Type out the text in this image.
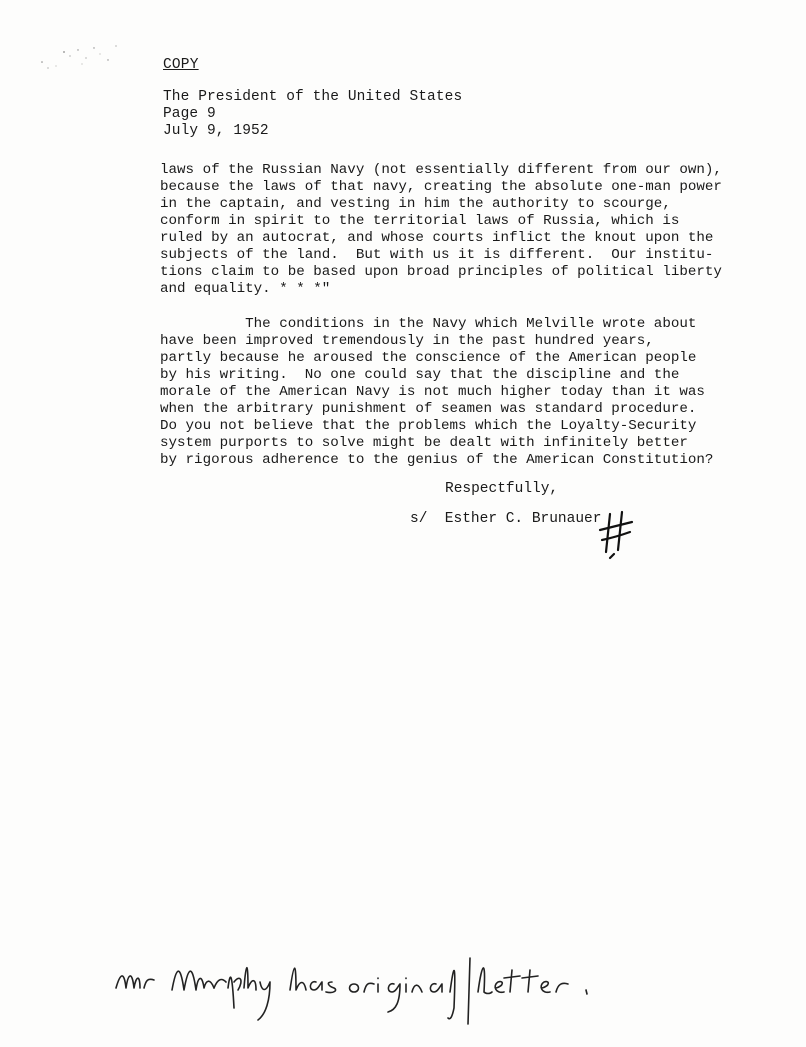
COPY
The President of the United States
Page 9
July 9, 1952
laws of the Russian Navy (not essentially different from our own),
because the laws of that navy, creating the absolute one-man power
in the captain, and vesting in him the authority to scourge,
conform in spirit to the territorial laws of Russia, which is
ruled by an autocrat, and whose courts inflict the knout upon the
subjects of the land.  But with us it is different.  Our institu-
tions claim to be based upon broad principles of political liberty
and equality. * * *"
The conditions in the Navy which Melville wrote about
have been improved tremendously in the past hundred years,
partly because he aroused the conscience of the American people
by his writing.  No one could say that the discipline and the
morale of the American Navy is not much higher today than it was
when the arbitrary punishment of seamen was standard procedure.
Do you not believe that the problems which the Loyalty-Security
system purports to solve might be dealt with infinitely better
by rigorous adherence to the genius of the American Constitution?
Respectfully,
s/  Esther C. Brunauer
